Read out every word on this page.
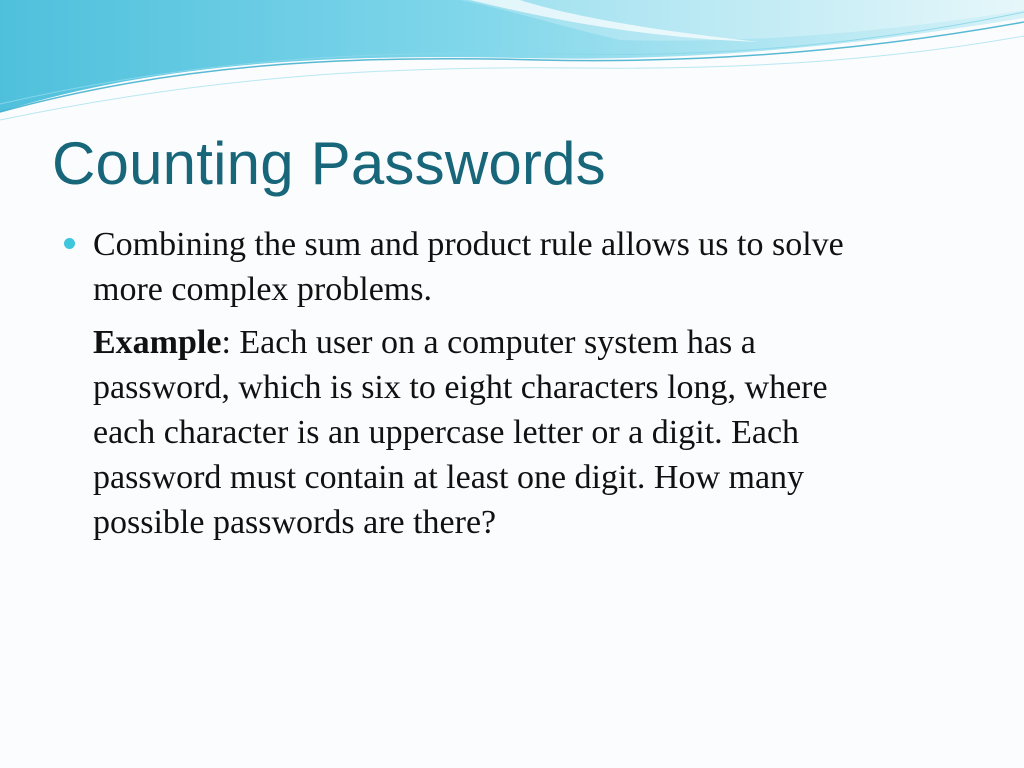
Counting Passwords
Combining the sum and product rule allows us to solve
more complex problems.
Example: Each user on a computer system has a
password, which is six to eight characters long, where
each character is an uppercase letter or a digit. Each
password must contain at least one digit. How many
possible passwords are there?
